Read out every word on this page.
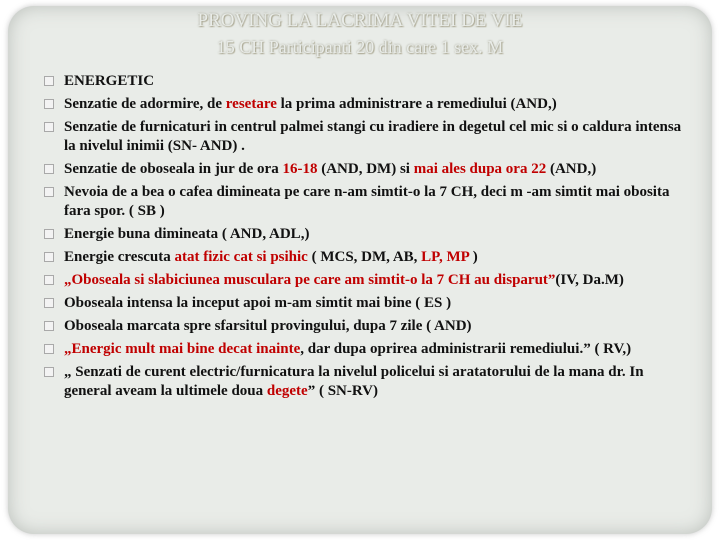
PROVING LA LACRIMA VITEI DE VIE
15 CH Participanti 20 din care 1 sex. M
ENERGETIC
Senzatie de adormire, de resetare la prima administrare a remediului (AND,)
Senzatie de furnicaturi in centrul palmei stangi cu iradiere in degetul cel mic si o caldura intensa la nivelul inimii (SN- AND) .
Senzatie de oboseala in jur de ora 16-18 (AND, DM) si mai ales dupa ora 22 (AND,)
Nevoia de a bea o cafea dimineata pe care n-am simtit-o la 7 CH, deci m -am simtit mai obosita fara spor. ( SB )
Energie buna dimineata ( AND, ADL,)
Energie crescuta atat fizic cat si psihic ( MCS, DM, AB, LP, MP )
„Oboseala si slabiciunea musculara pe care am simtit-o la 7 CH au disparut”(IV, Da.M)
Oboseala intensa la inceput apoi m-am simtit mai bine ( ES )
Oboseala marcata spre sfarsitul provingului, dupa 7 zile ( AND)
„Energic mult mai bine decat inainte, dar dupa oprirea administrarii remediului.” ( RV,)
„ Senzati de curent electric/furnicatura la nivelul policelui si aratatorului de la mana dr. In general aveam la ultimele doua degete” ( SN-RV)
